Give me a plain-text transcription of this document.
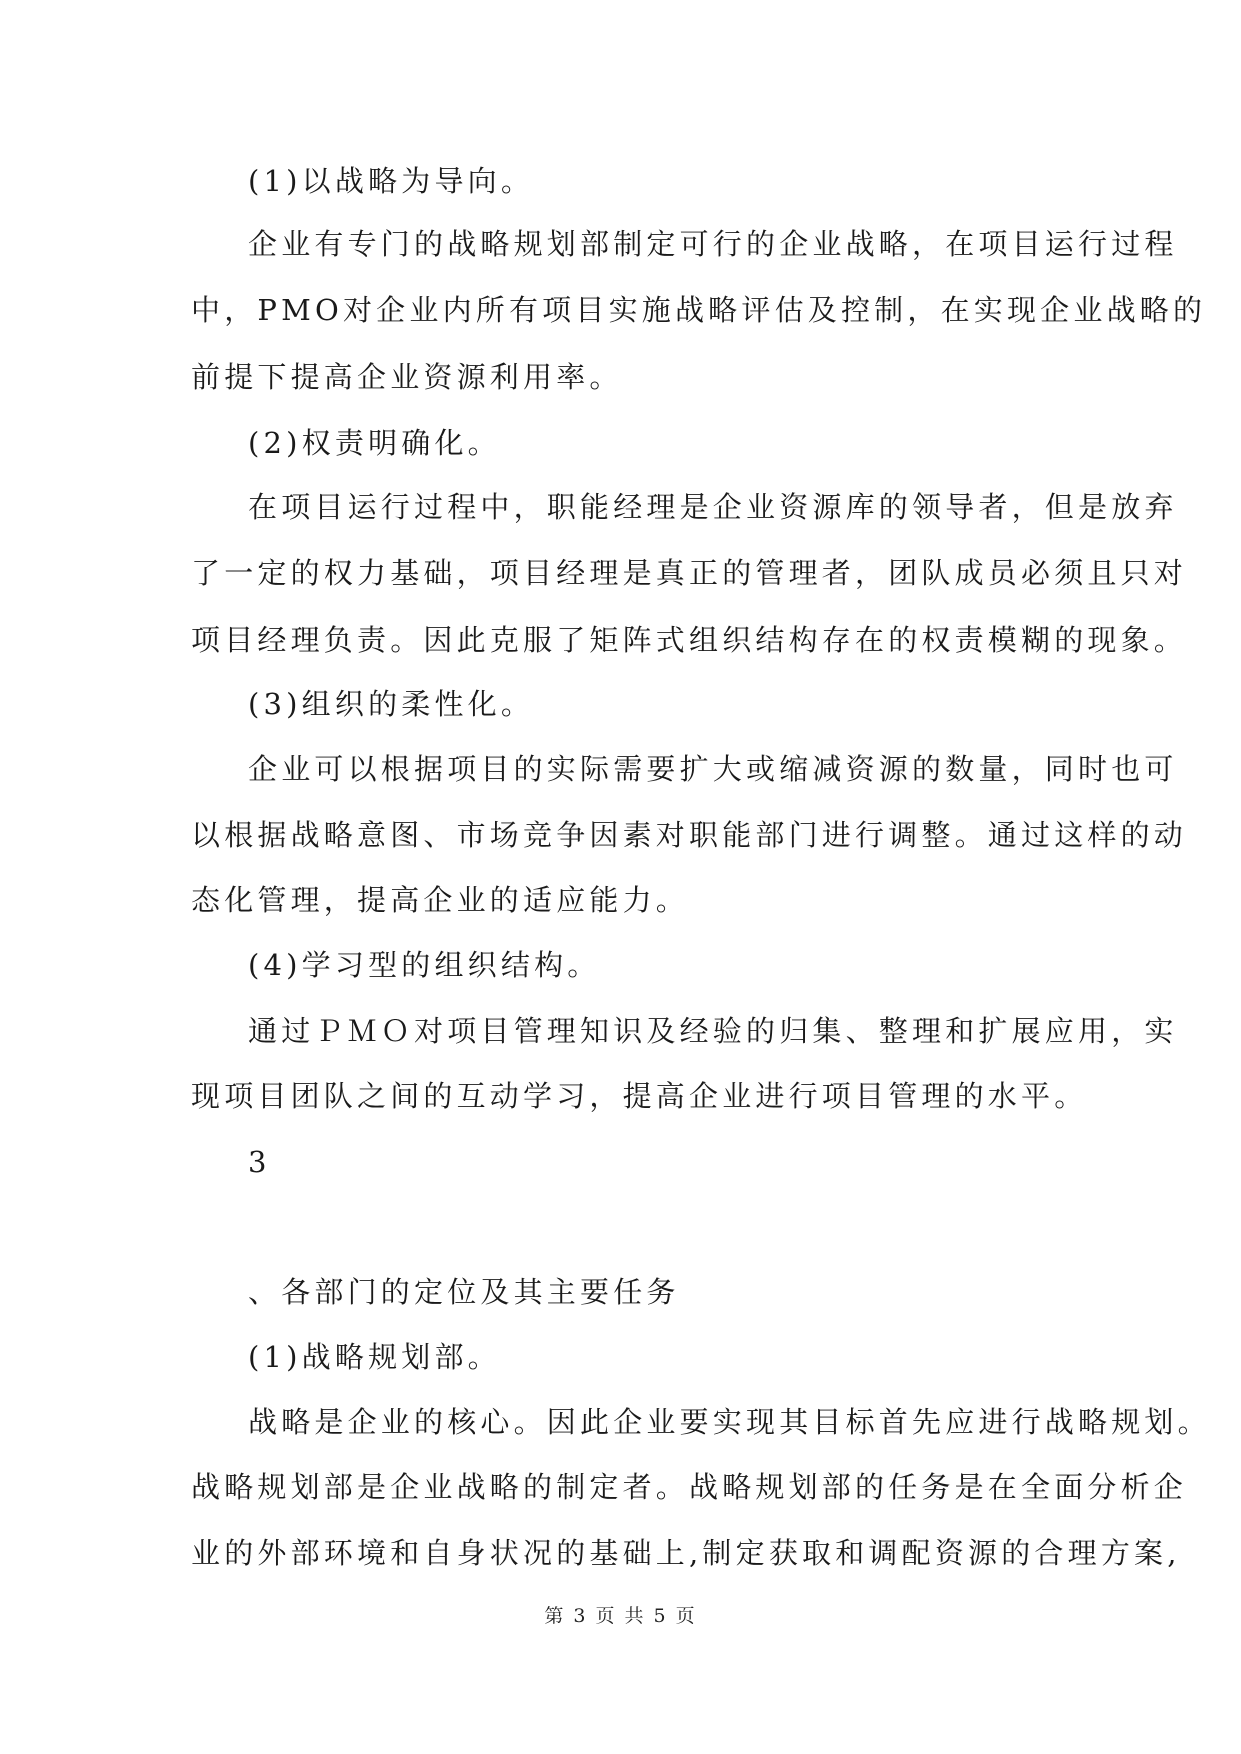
(1)以战略为导向。
企业有专门的战略规划部制定可行的企业战略，在项目运行过程
中，PMO对企业内所有项目实施战略评估及控制，在实现企业战略的
前提下提高企业资源利用率。
(2)权责明确化。
在项目运行过程中，职能经理是企业资源库的领导者，但是放弃
了一定的权力基础，项目经理是真正的管理者，团队成员必须且只对
项目经理负责。因此克服了矩阵式组织结构存在的权责模糊的现象。
(3)组织的柔性化。
企业可以根据项目的实际需要扩大或缩减资源的数量，同时也可
以根据战略意图、市场竞争因素对职能部门进行调整。通过这样的动
态化管理，提高企业的适应能力。
(4)学习型的组织结构。
通过ＰＭＯ对项目管理知识及经验的归集、整理和扩展应用，实
现项目团队之间的互动学习，提高企业进行项目管理的水平。
3
、各部门的定位及其主要任务
(1)战略规划部。
战略是企业的核心。因此企业要实现其目标首先应进行战略规划。
战略规划部是企业战略的制定者。战略规划部的任务是在全面分析企
业的外部环境和自身状况的基础上,制定获取和调配资源的合理方案,
第 3 页 共 5 页
